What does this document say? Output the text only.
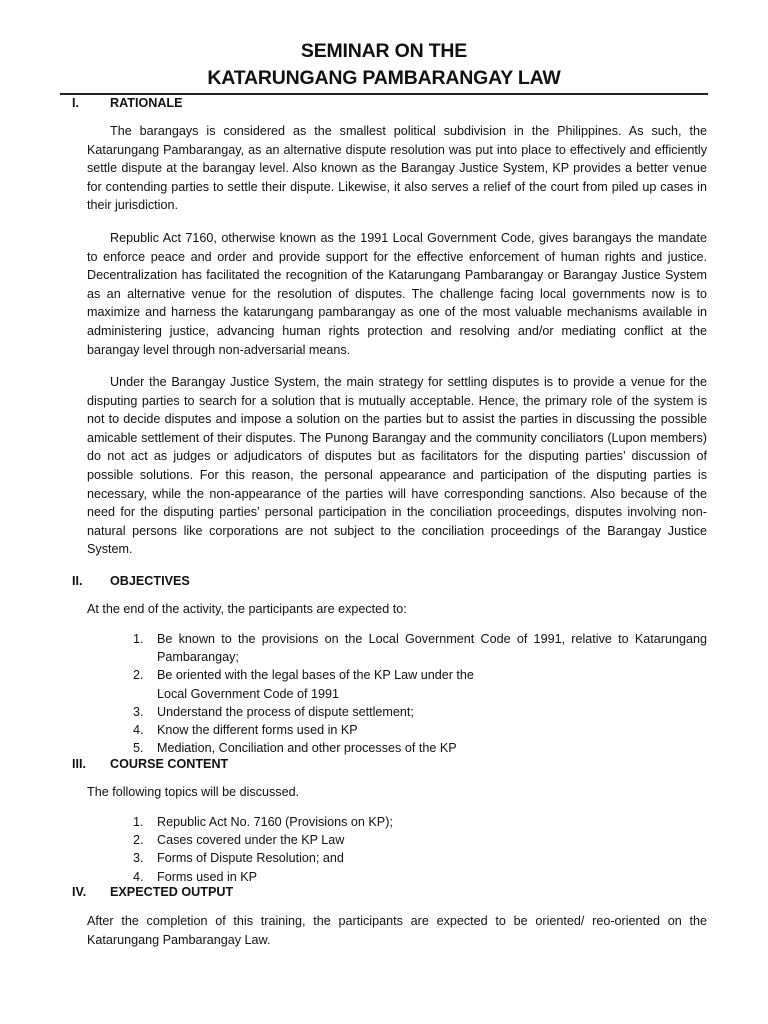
SEMINAR ON THE
KATARUNGANG PAMBARANGAY LAW
I. RATIONALE

The barangays is considered as the smallest political subdivision in the Philippines. As such, the Katarungang Pambarangay, as an alternative dispute resolution was put into place to effectively and efficiently settle dispute at the barangay level. Also known as the Barangay Justice System, KP provides a better venue for contending parties to settle their dispute. Likewise, it also serves a relief of the court from piled up cases in their jurisdiction.

Republic Act 7160, otherwise known as the 1991 Local Government Code, gives barangays the mandate to enforce peace and order and provide support for the effective enforcement of human rights and justice. Decentralization has facilitated the recognition of the Katarungang Pambarangay or Barangay Justice System as an alternative venue for the resolution of disputes. The challenge facing local governments now is to maximize and harness the katarungang pambarangay as one of the most valuable mechanisms available in administering justice, advancing human rights protection and resolving and/or mediating conflict at the barangay level through non-adversarial means.

Under the Barangay Justice System, the main strategy for settling disputes is to provide a venue for the disputing parties to search for a solution that is mutually acceptable. Hence, the primary role of the system is not to decide disputes and impose a solution on the parties but to assist the parties in discussing the possible amicable settlement of their disputes. The Punong Barangay and the community conciliators (Lupon members) do not act as judges or adjudicators of disputes but as facilitators for the disputing parties’ discussion of possible solutions. For this reason, the personal appearance and participation of the disputing parties is necessary, while the non-appearance of the parties will have corresponding sanctions. Also because of the need for the disputing parties’ personal participation in the conciliation proceedings, disputes involving non-natural persons like corporations are not subject to the conciliation proceedings of the Barangay Justice System.

II. OBJECTIVES

At the end of the activity, the participants are expected to:

1. Be known to the provisions on the Local Government Code of 1991, relative to Katarungang Pambarangay;
2. Be oriented with the legal bases of the KP Law under the
Local Government Code of 1991
3. Understand the process of dispute settlement;
4. Know the different forms used in KP
5. Mediation, Conciliation and other processes of the KP
III. COURSE CONTENT

The following topics will be discussed.

1. Republic Act No. 7160 (Provisions on KP);
2. Cases covered under the KP Law
3. Forms of Dispute Resolution; and
4. Forms used in KP
IV. EXPECTED OUTPUT

After the completion of this training, the participants are expected to be oriented/ reo-oriented on the Katarungang Pambarangay Law.
